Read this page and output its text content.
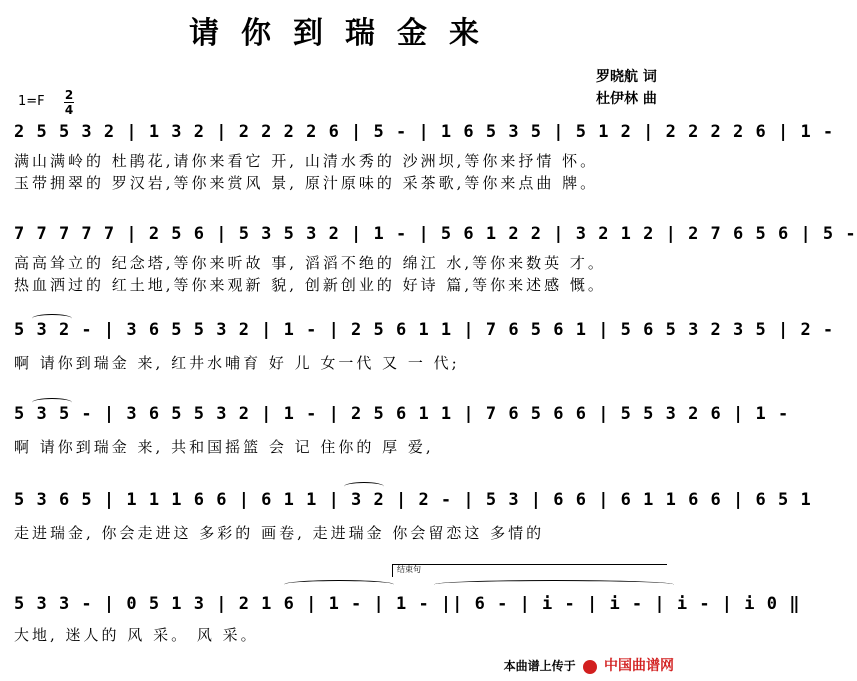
请你到瑞金来
罗晓航 词
杜伊林 曲
1=F 2
4
2 5 5 3 2 | 1 3 2 | 2 2 2 2 6 | 5 - | 1 6 5 3 5 | 5 1 2 | 2 2 2 2 6 | 1 -
满山满岭的 杜鹃花,请你来看它 开, 山清水秀的 沙洲坝,等你来抒情 怀。
玉带拥翠的 罗汉岩,等你来赏风 景, 原汁原味的 采茶歌,等你来点曲 牌。
7 7 7 7 7 | 2 5 6 | 5 3 5 3 2 | 1 - | 5 6 1 2 2 | 3 2 1 2 | 2 7 6 5 6 | 5 -
高高耸立的 纪念塔,等你来听故 事, 滔滔不绝的 绵江 水,等你来数英 才。
热血洒过的 红土地,等你来观新 貌, 创新创业的 好诗 篇,等你来述感 慨。
5 3 2 - | 3 6 5 5 3 2 | 1 - | 2 5 6 1 1 | 7 6 5 6 1 | 5 6 5 3 2 3 5 | 2 -
啊 请你到瑞金 来, 红井水哺育 好 儿 女一代 又 一 代;
5 3 5 - | 3 6 5 5 3 2 | 1 - | 2 5 6 1 1 | 7 6 5 6 6 | 5 5 3 2 6 | 1 -
啊 请你到瑞金 来, 共和国摇篮 会 记 住你的 厚 爱,
5 3 6 5 | 1 1 1 6 6 | 6 1 1 | 3 2 | 2 - | 5 3 | 6 6 | 6 1 1 6 6 | 6 5 1
走进瑞金, 你会走进这 多彩的 画卷, 走进瑞金 你会留恋这 多情的
结束句
5 3 3 - | 0 5 1 3 | 2 1 6 | 1 - | 1 - || 6 - | i - | i - | i - | i 0 ‖
大地, 迷人的 风 采。 风 采。
本曲谱上传于 中国曲谱网
